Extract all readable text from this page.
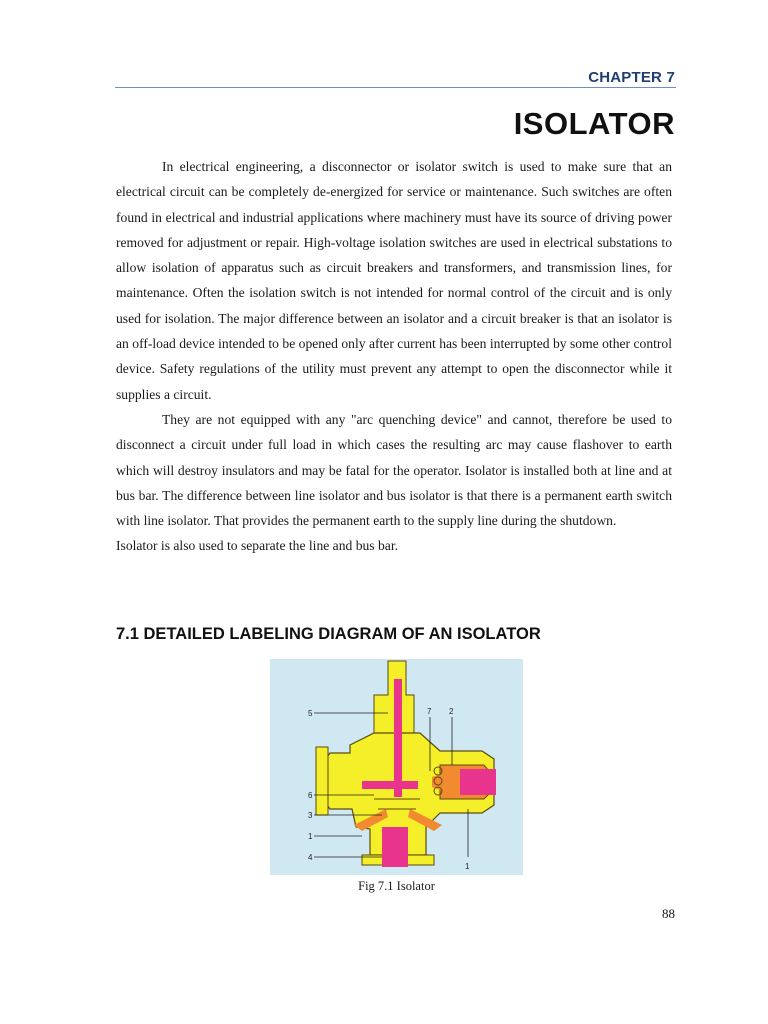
CHAPTER 7
ISOLATOR

In electrical engineering, a disconnector or isolator switch is used to make sure that an electrical circuit can be completely de-energized for service or maintenance. Such switches are often found in electrical and industrial applications where machinery must have its source of driving power removed for adjustment or repair. High-voltage isolation switches are used in electrical substations to allow isolation of apparatus such as circuit breakers and transformers, and transmission lines, for maintenance. Often the isolation switch is not intended for normal control of the circuit and is only used for isolation. The major difference between an isolator and a circuit breaker is that an isolator is an off-load device intended to be opened only after current has been interrupted by some other control device. Safety regulations of the utility must prevent any attempt to open the disconnector while it supplies a circuit.

They are not equipped with any "arc quenching device" and cannot, therefore be used to disconnect a circuit under full load in which cases the resulting arc may cause flashover to earth which will destroy insulators and may be fatal for the operator. Isolator is installed both at line and at bus bar. The difference between line isolator and bus isolator is that there is a permanent earth switch with line isolator. That provides the permanent earth to the supply line during the shutdown.

Isolator is also used to separate the line and bus bar.

7.1 DETAILED LABELING DIAGRAM OF AN ISOLATOR
5	7 2
6
3
1
4
1
Fig 7.1 Isolator
88
